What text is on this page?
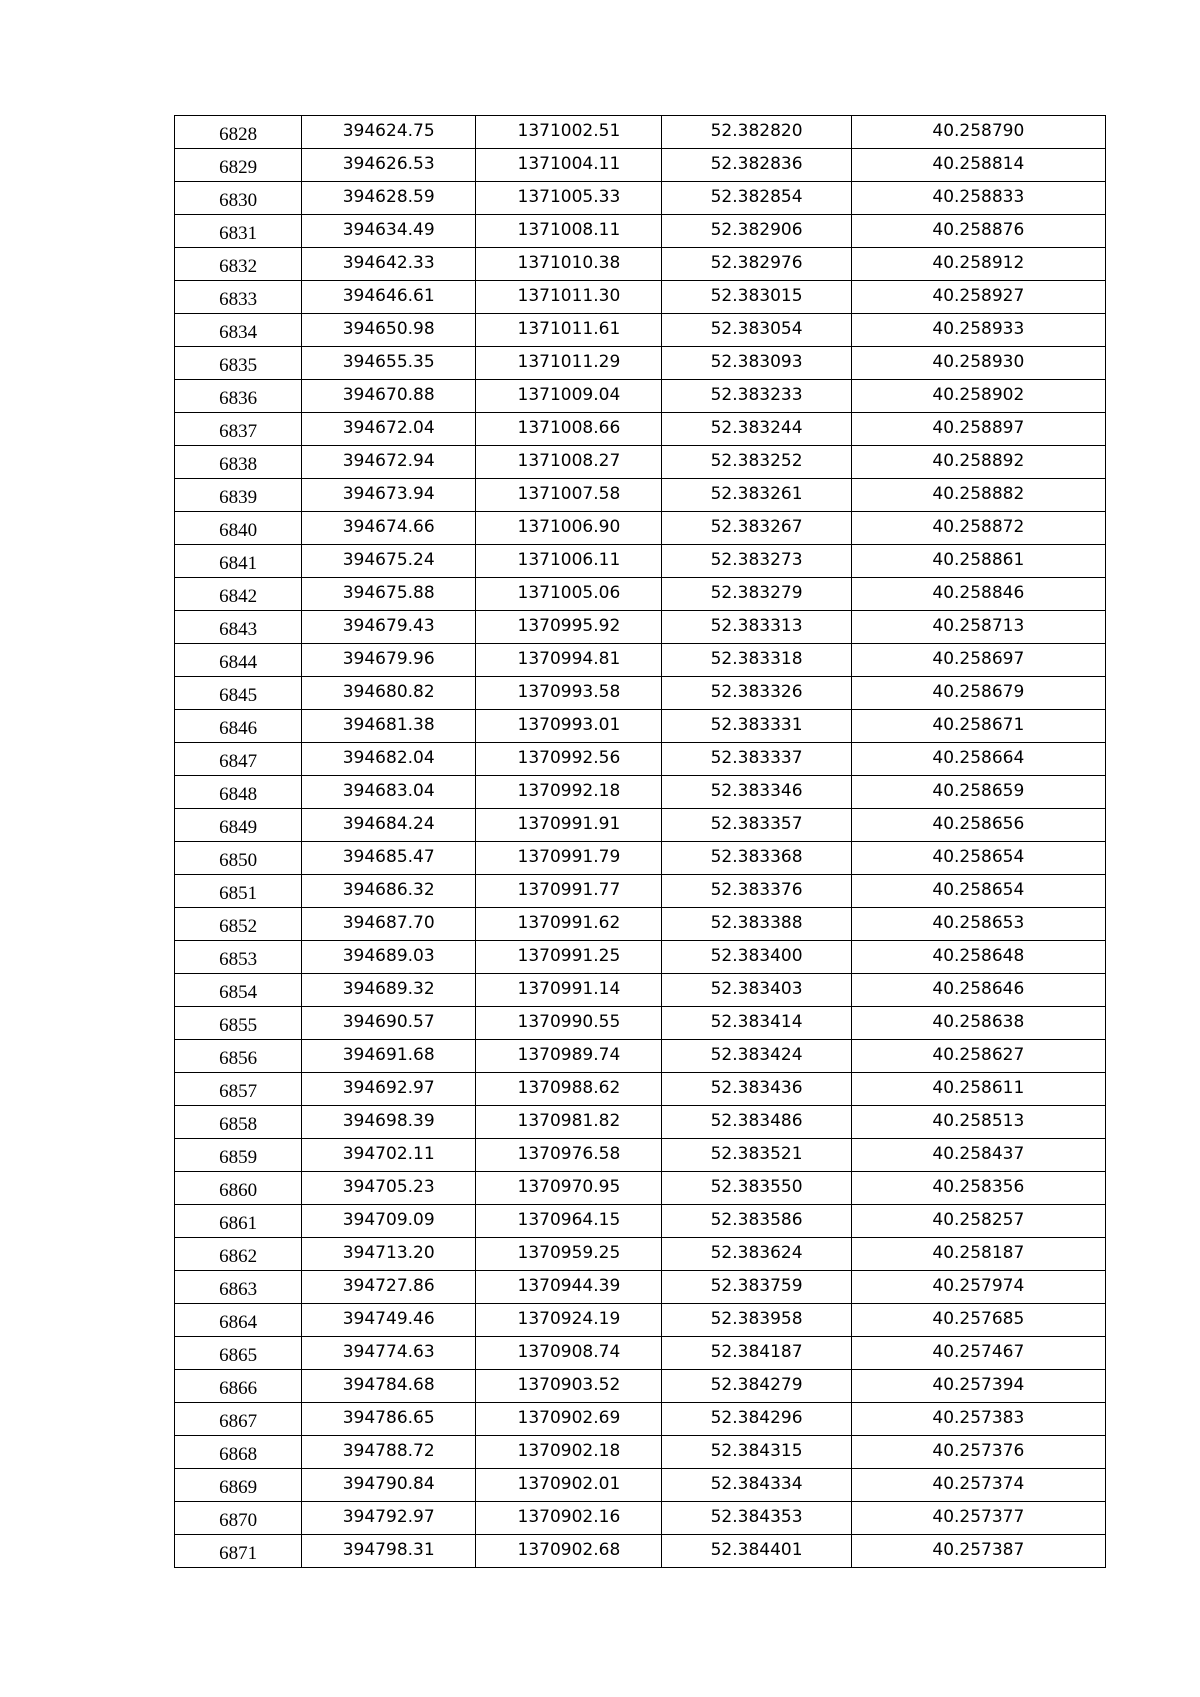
6828	394624.75	1371002.51	52.382820	40.258790
6829	394626.53	1371004.11	52.382836	40.258814
6830	394628.59	1371005.33	52.382854	40.258833
6831	394634.49	1371008.11	52.382906	40.258876
6832	394642.33	1371010.38	52.382976	40.258912
6833	394646.61	1371011.30	52.383015	40.258927
6834	394650.98	1371011.61	52.383054	40.258933
6835	394655.35	1371011.29	52.383093	40.258930
6836	394670.88	1371009.04	52.383233	40.258902
6837	394672.04	1371008.66	52.383244	40.258897
6838	394672.94	1371008.27	52.383252	40.258892
6839	394673.94	1371007.58	52.383261	40.258882
6840	394674.66	1371006.90	52.383267	40.258872
6841	394675.24	1371006.11	52.383273	40.258861
6842	394675.88	1371005.06	52.383279	40.258846
6843	394679.43	1370995.92	52.383313	40.258713
6844	394679.96	1370994.81	52.383318	40.258697
6845	394680.82	1370993.58	52.383326	40.258679
6846	394681.38	1370993.01	52.383331	40.258671
6847	394682.04	1370992.56	52.383337	40.258664
6848	394683.04	1370992.18	52.383346	40.258659
6849	394684.24	1370991.91	52.383357	40.258656
6850	394685.47	1370991.79	52.383368	40.258654
6851	394686.32	1370991.77	52.383376	40.258654
6852	394687.70	1370991.62	52.383388	40.258653
6853	394689.03	1370991.25	52.383400	40.258648
6854	394689.32	1370991.14	52.383403	40.258646
6855	394690.57	1370990.55	52.383414	40.258638
6856	394691.68	1370989.74	52.383424	40.258627
6857	394692.97	1370988.62	52.383436	40.258611
6858	394698.39	1370981.82	52.383486	40.258513
6859	394702.11	1370976.58	52.383521	40.258437
6860	394705.23	1370970.95	52.383550	40.258356
6861	394709.09	1370964.15	52.383586	40.258257
6862	394713.20	1370959.25	52.383624	40.258187
6863	394727.86	1370944.39	52.383759	40.257974
6864	394749.46	1370924.19	52.383958	40.257685
6865	394774.63	1370908.74	52.384187	40.257467
6866	394784.68	1370903.52	52.384279	40.257394
6867	394786.65	1370902.69	52.384296	40.257383
6868	394788.72	1370902.18	52.384315	40.257376
6869	394790.84	1370902.01	52.384334	40.257374
6870	394792.97	1370902.16	52.384353	40.257377
6871	394798.31	1370902.68	52.384401	40.257387
